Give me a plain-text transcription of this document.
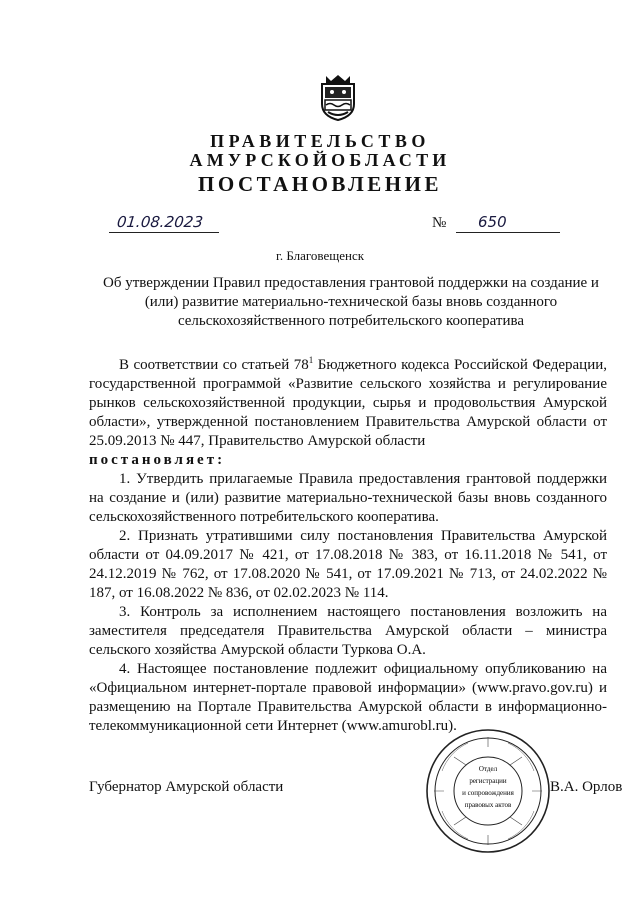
ПРАВИТЕЛЬСТВО
АМУРСКОЙОБЛАСТИ
ПОСТАНОВЛЕНИЕ
01.08.2023	№ 650
г. Благовещенск
Об утверждении Правил предоставления грантовой поддержки на создание и (или) развитие материально-технической базы вновь созданного сельскохозяйственного потребительского кооператива

В соответствии со статьей $78^1$ Бюджетного кодекса Российской Федерации, государственной программой «Развитие сельского хозяйства и регулирование рынков сельскохозяйственной продукции, сырья и продовольствия Амурской области», утвержденной постановлением Правительства Амурской области от 25.09.2013 № 447, Правительство Амурской области

постановляет:

1. Утвердить прилагаемые Правила предоставления грантовой поддержки на создание и (или) развитие материально-технической базы вновь созданного сельскохозяйственного потребительского кооператива.

2. Признать утратившими силу постановления Правительства Амурской области от 04.09.2017 № 421, от 17.08.2018 № 383, от 16.11.2018 № 541, от 24.12.2019 № 762, от 17.08.2020 № 541, от 17.09.2021 № 713, от 24.02.2022 № 187, от 16.08.2022 № 836, от 02.02.2023 № 114.

3. Контроль за исполнением настоящего постановления возложить на заместителя председателя Правительства Амурской области – министра сельского хозяйства Амурской области Туркова О.А.

4. Настоящее постановление подлежит официальному опубликованию на «Официальном интернет-портале правовой информации» (www.pravo.gov.ru) и размещению на Портале Правительства Амурской области в информационно-телекоммуникационной сети Интернет (www.amurobl.ru).

Губернатор Амурской области	В.А. Орлов
Отдел
регистрации
и сопровождения
правовых актов
